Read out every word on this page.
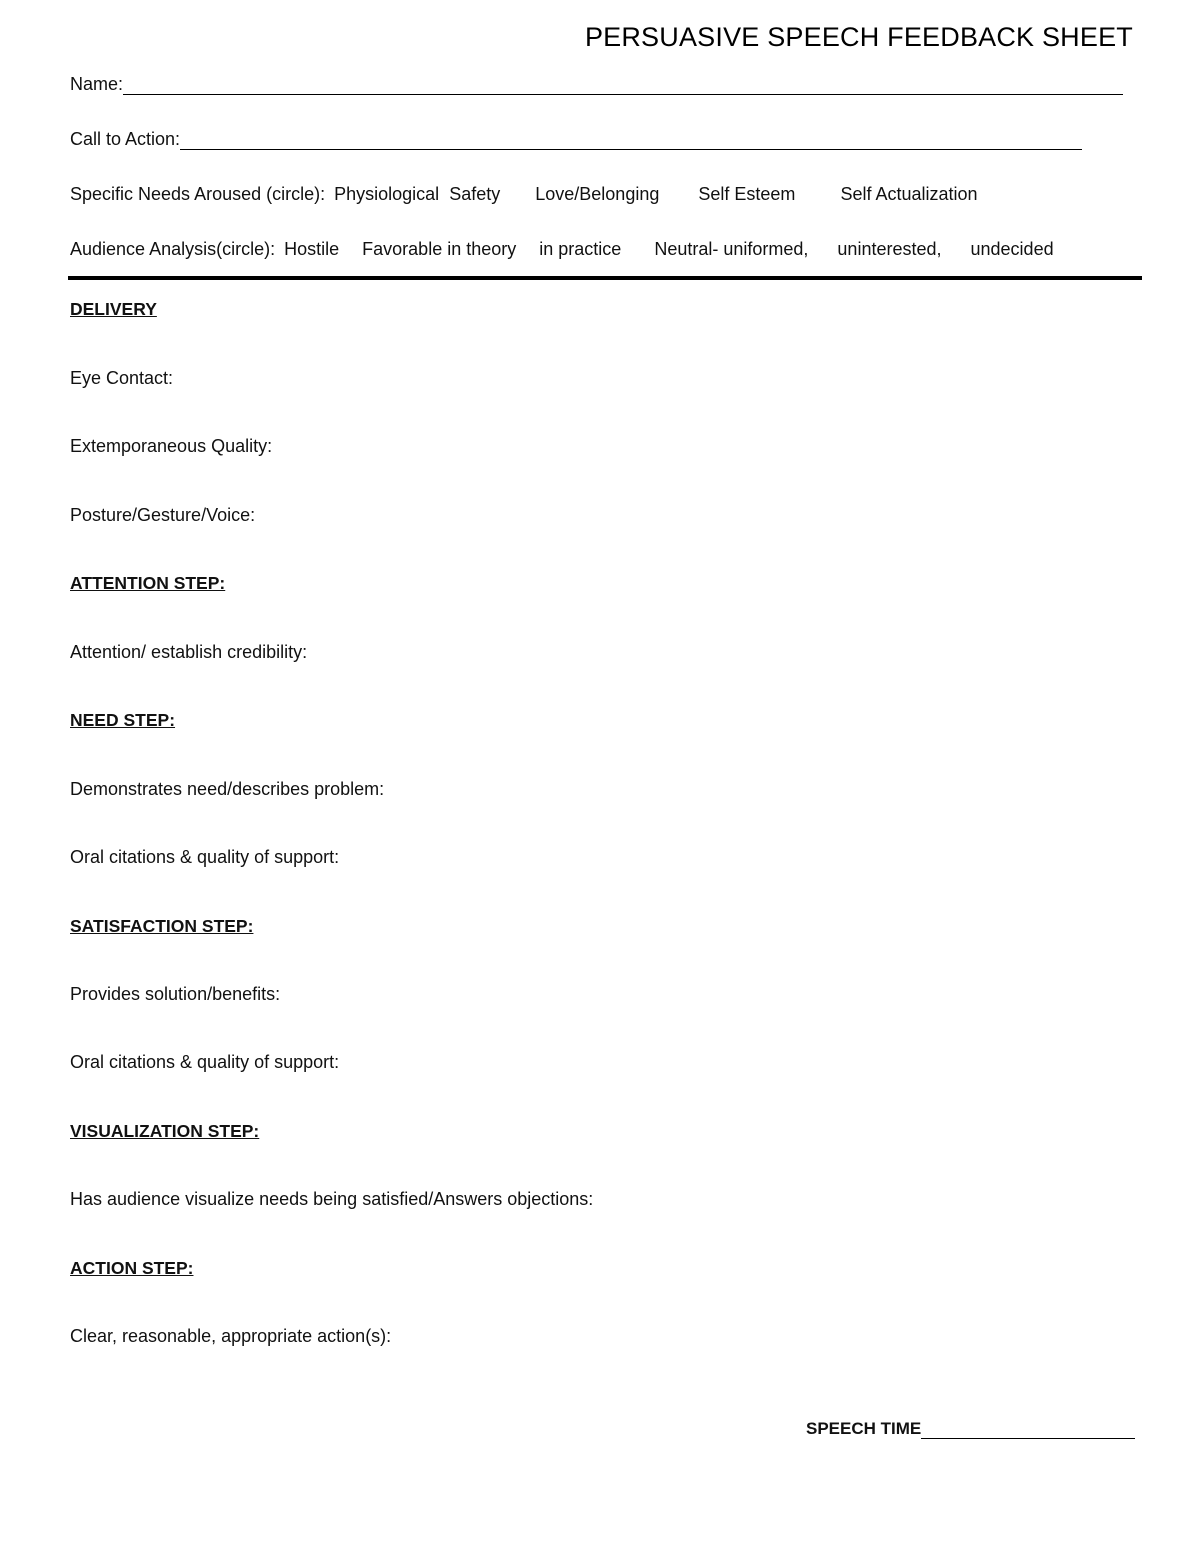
PERSUASIVE SPEECH FEEDBACK SHEET
Name:
Call to Action:
Specific Needs Aroused (circle): Physiological Safety Love/Belonging Self Esteem	Self Actualization
Audience Analysis(circle): Hostile Favorable in theory in practice Neutral- uniformed, uninterested, undecided
DELIVERY
Eye Contact:
Extemporaneous Quality:
Posture/Gesture/Voice:
ATTENTION STEP:
Attention/ establish credibility:
NEED STEP:
Demonstrates need/describes problem:
Oral citations & quality of support:
SATISFACTION STEP:
Provides solution/benefits:
Oral citations & quality of support:
VISUALIZATION STEP:
Has audience visualize needs being satisfied/Answers objections:
ACTION STEP:
Clear, reasonable, appropriate action(s):
SPEECH TIME
